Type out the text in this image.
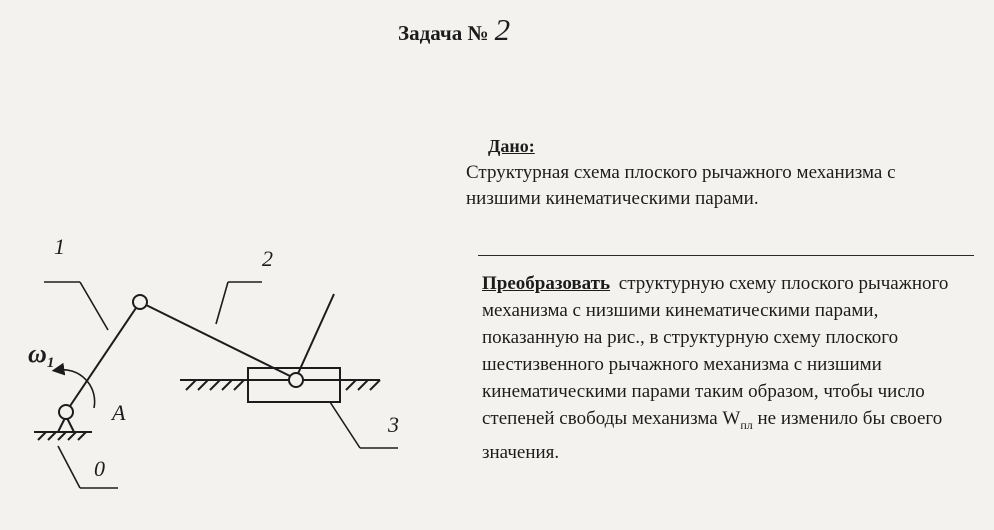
Задача № 2
Дано:
Структурная схема плоского рычажного механизма с низшими кинематическими парами.
Преобразовать структурную схему плоского рычажного механизма с низшими кинематическими парами, показанную на рис., в структурную схему плоского шестизвенного рычажного механизма с низшими кинематическими парами таким образом, чтобы число степеней свободы механизма $W_{пл}$ не изменило бы своего значения.
1	2
3
0
A
ω1
